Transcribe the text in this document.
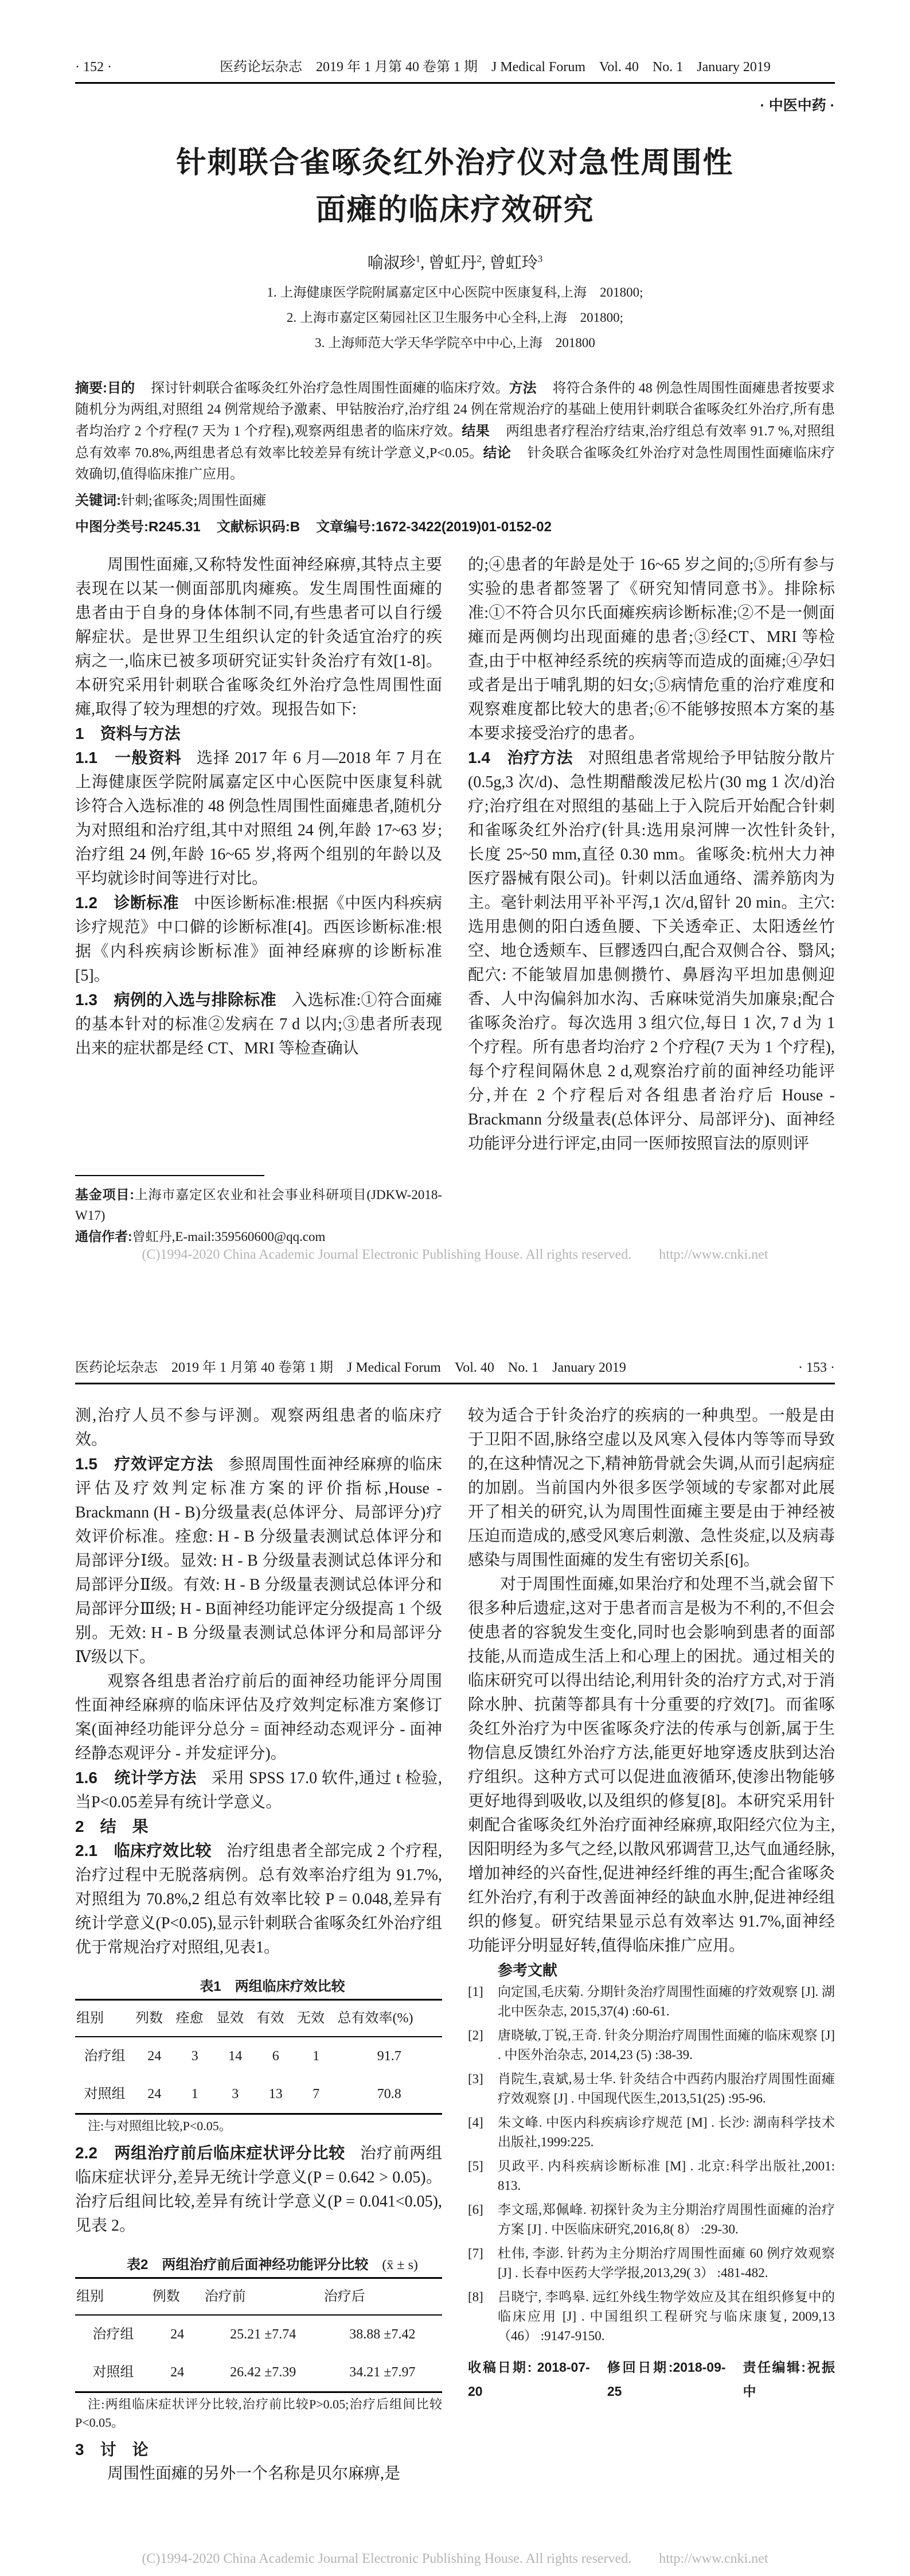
· 152 ·	医药论坛杂志　2019 年 1 月第 40 卷第 1 期　J Medical Forum　Vol. 40　No. 1　January 2019
· 中医中药 ·
针刺联合雀啄灸红外治疗仪对急性周围性
面瘫的临床疗效研究
喻淑珍$^1$, 曾虹丹$^2$, 曾虹玲$^3$
1. 上海健康医学院附属嘉定区中心医院中医康复科,上海　201800;
2. 上海市嘉定区菊园社区卫生服务中心全科,上海　201800;
3. 上海师范大学天华学院卒中中心,上海　201800

摘要:目的 探讨针刺联合雀啄灸红外治疗急性周围性面瘫的临床疗效。方法 将符合条件的 48 例急性周围性面瘫患者按要求随机分为两组,对照组 24 例常规给予激素、甲钴胺治疗,治疗组 24 例在常规治疗的基础上使用针刺联合雀啄灸红外治疗,所有患者均治疗 2 个疗程(7 天为 1 个疗程),观察两组患者的临床疗效。结果 两组患者疗程治疗结束,治疗组总有效率 91.7 %,对照组总有效率 70.8%,两组患者总有效率比较差异有统计学意义,P<0.05。结论 针灸联合雀啄灸红外治疗对急性周围性面瘫临床疗效确切,值得临床推广应用。

关键词:针刺;雀啄灸;周围性面瘫

中图分类号:R245.31 文献标识码:B 文章编号:1672-3422(2019)01-0152-02

周围性面瘫,又称特发性面神经麻痹,其特点主要表现在以某一侧面部肌肉瘫痪。发生周围性面瘫的患者由于自身的身体体制不同,有些患者可以自行缓解症状。是世界卫生组织认定的针灸适宜治疗的疾病之一,临床已被多项研究证实针灸治疗有效[1-8]。本研究采用针刺联合雀啄灸红外治疗急性周围性面瘫,取得了较为理想的疗效。现报告如下:

1　资料与方法

1.1　一般资料 选择 2017 年 6 月—2018 年 7 月在上海健康医学院附属嘉定区中心医院中医康复科就诊符合入选标准的 48 例急性周围性面瘫患者,随机分为对照组和治疗组,其中对照组 24 例,年龄 17~63 岁;治疗组 24 例,年龄 16~65 岁,将两个组别的年龄以及平均就诊时间等进行对比。

1.2　诊断标准 中医诊断标准:根据《中医内科疾病诊疗规范》中口僻的诊断标准[4]。西医诊断标准:根据《内科疾病诊断标准》面神经麻痹的诊断标准[5]。

1.3　病例的入选与排除标准 入选标准:①符合面瘫的基本针对的标准②发病在 7 d 以内;③患者所表现出来的症状都是经 CT、MRI 等检查确认

基金项目:上海市嘉定区农业和社会事业科研项目(JDKW-2018-W17)

通信作者:曾虹丹,E-mail:359560600@qq.com

的;④患者的年龄是处于 16~65 岁之间的;⑤所有参与实验的患者都签署了《研究知情同意书》。排除标准:①不符合贝尔氏面瘫疾病诊断标准;②不是一侧面瘫而是两侧均出现面瘫的患者;③经CT、MRI 等检查,由于中枢神经系统的疾病等而造成的面瘫;④孕妇或者是出于哺乳期的妇女;⑤病情危重的治疗难度和观察难度都比较大的患者;⑥不能够按照本方案的基本要求接受治疗的患者。

1.4　治疗方法 对照组患者常规给予甲钴胺分散片(0.5g,3 次/d)、急性期醋酸泼尼松片(30 mg 1 次/d)治疗;治疗组在对照组的基础上于入院后开始配合针刺和雀啄灸红外治疗(针具:选用泉河牌一次性针灸针,长度 25~50 mm,直径 0.30 mm。雀啄灸:杭州大力神医疗器械有限公司)。针刺以活血通络、濡养筋肉为主。毫针刺法用平补平泻,1 次/d,留针 20 min。主穴: 选用患侧的阳白透鱼腰、下关透牵正、太阳透丝竹空、地仓透颊车、巨髎透四白,配合双侧合谷、翳风; 配穴: 不能皱眉加患侧攒竹、鼻唇沟平坦加患侧迎香、人中沟偏斜加水沟、舌麻味觉消失加廉泉;配合雀啄灸治疗。每次选用 3 组穴位,每日 1 次, 7 d 为 1 个疗程。所有患者均治疗 2 个疗程(7 天为 1 个疗程),每个疗程间隔休息 2 d,观察治疗前的面神经功能评分,并在 2 个疗程后对各组患者治疗后 House - Brackmann 分级量表(总体评分、局部评分)、面神经功能评分进行评定,由同一医师按照盲法的原则评

(C)1994-2020 China Academic Journal Electronic Publishing House. All rights reserved.　　http://www.cnki.net
医药论坛杂志　2019 年 1 月第 40 卷第 1 期　J Medical Forum　Vol. 40　No. 1　January 2019	· 153 ·

测,治疗人员不参与评测。观察两组患者的临床疗效。

1.5　疗效评定方法 参照周围性面神经麻痹的临床评估及疗效判定标准方案的评价指标,House - Brackmann (H - B)分级量表(总体评分、局部评分)疗效评价标准。痊愈: H - B 分级量表测试总体评分和局部评分Ⅰ级。显效: H - B 分级量表测试总体评分和局部评分Ⅱ级。有效: H - B 分级量表测试总体评分和局部评分Ⅲ级; H - B面神经功能评定分级提高 1 个级别。无效: H - B 分级量表测试总体评分和局部评分Ⅳ级以下。

观察各组患者治疗前后的面神经功能评分周围性面神经麻痹的临床评估及疗效判定标准方案修订案(面神经功能评分总分 = 面神经动态观评分 - 面神经静态观评分 - 并发症评分)。

1.6　统计学方法 采用 SPSS 17.0 软件,通过 t 检验,当P<0.05差异有统计学意义。

2　结　果

2.1　临床疗效比较 治疗组患者全部完成 2 个疗程,治疗过程中无脱落病例。总有效率治疗组为 91.7%,对照组为 70.8%,2 组总有效率比较 P = 0.048,差异有统计学意义(P<0.05),显示针刺联合雀啄灸红外治疗组优于常规治疗对照组,见表1。

表1　两组临床疗效比较

组别	列数	痊愈	显效	有效	无效	总有效率(%)
治疗组	24	3	14	6	1	91.7
对照组	24	1	3	13	7	70.8

注:与对照组比较,P<0.05。

2.2　两组治疗前后临床症状评分比较 治疗前两组临床症状评分,差异无统计学意义(P = 0.642 > 0.05)。治疗后组间比较,差异有统计学意义(P = 0.041<0.05),见表 2。

表2　两组治疗前后面神经功能评分比较　 (x̄ ± s)

组别	例数	治疗前	治疗后
治疗组	24	25.21 ±7.74	38.88 ±7.42
对照组	24	26.42 ±7.39	34.21 ±7.97

注:两组临床症状评分比较,治疗前比较P>0.05;治疗后组间比较P<0.05。

3　讨　论

周围性面瘫的另外一个名称是贝尔麻痹,是

较为适合于针灸治疗的疾病的一种典型。一般是由于卫阳不固,脉络空虚以及风寒入侵体内等等而导致的,在这种情况之下,精神筋骨就会失调,从而引起病症的加剧。当前国内外很多医学领域的专家都对此展开了相关的研究,认为周围性面瘫主要是由于神经被压迫而造成的,感受风寒后刺激、急性炎症,以及病毒感染与周围性面瘫的发生有密切关系[6]。

对于周围性面瘫,如果治疗和处理不当,就会留下很多种后遗症,这对于患者而言是极为不利的,不但会使患者的容貌发生变化,同时也会影响到患者的面部技能,从而造成生活上和心理上的困扰。通过相关的临床研究可以得出结论,利用针灸的治疗方式,对于消除水肿、抗菌等都具有十分重要的疗效[7]。而雀啄灸红外治疗为中医雀啄灸疗法的传承与创新,属于生物信息反馈红外治疗方法,能更好地穿透皮肤到达治疗组织。这种方式可以促进血液循环,使渗出物能够更好地得到吸收,以及组织的修复[8]。本研究采用针刺配合雀啄灸红外治疗面神经麻痹,取阳经穴位为主,因阳明经为多气之经,以散风邪调营卫,达气血通经脉,增加神经的兴奋性,促进神经纤维的再生;配合雀啄灸红外治疗,有利于改善面神经的缺血水肿,促进神经组织的修复。研究结果显示总有效率达 91.7%,面神经功能评分明显好转,值得临床推广应用。

参考文献

[1]	向定国,毛庆菊. 分期针灸治疗周围性面瘫的疗效观察 [J]. 湖北中医杂志, 2015,37(4) :60-61.
[2]	唐晓敏,丁锐,王奇. 针灸分期治疗周围性面瘫的临床观察 [J] . 中医外治杂志, 2014,23 (5) :38-39.
[3]	肖院生,袁斌,易士华. 针灸结合中西药内服治疗周围性面瘫疗效观察 [J] . 中国现代医生,2013,51(25) :95-96.
[4]	朱文峰. 中医内科疾病诊疗规范 [M] . 长沙: 湖南科学技术出版社,1999:225.
[5]	贝政平. 内科疾病诊断标准 [M] . 北京:科学出版社,2001: 813.
[6]	李文瑶,郑佩峰. 初探针灸为主分期治疗周围性面瘫的治疗方案 [J] . 中医临床研究,2016,8( 8） :29-30.
[7]	杜伟, 李澎. 针药为主分期治疗周围性面瘫 60 例疗效观察 [J] . 长春中医药大学学报,2013,29( 3） :481-482.
[8]	吕晓宁, 李鸣皋. 远红外线生物学效应及其在组织修复中的临床应用 [J] . 中国组织工程研究与临床康复, 2009,13（46） :9147-9150.
收稿日期: 2018-07-20
修回日期:2018-09-25
责任编辑:祝振中
(C)1994-2020 China Academic Journal Electronic Publishing House. All rights reserved.　　http://www.cnki.net
